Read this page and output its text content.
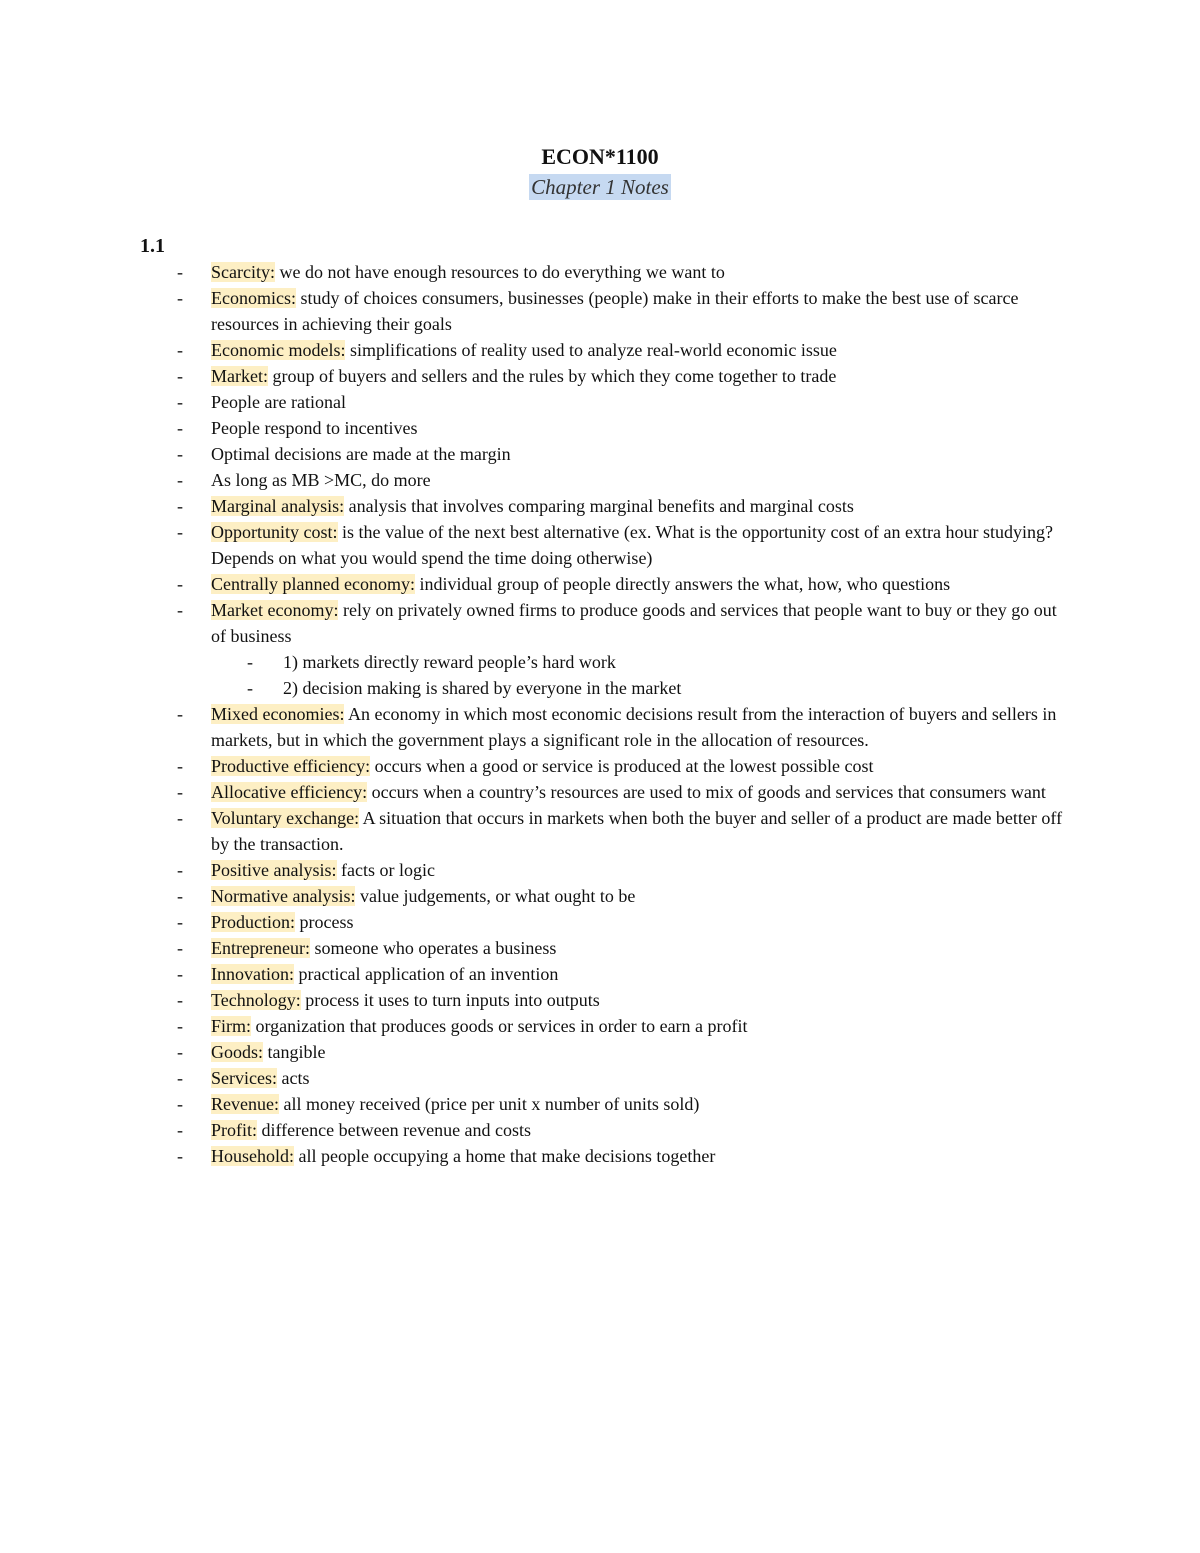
ECON*1100
Chapter 1 Notes
1.1
- Scarcity: we do not have enough resources to do everything we want to
- Economics: study of choices consumers, businesses (people) make in their efforts to make the best use of scarce resources in achieving their goals
- Economic models: simplifications of reality used to analyze real-world economic issue
- Market: group of buyers and sellers and the rules by which they come together to trade
- People are rational
- People respond to incentives
- Optimal decisions are made at the margin
- As long as MB >MC, do more
- Marginal analysis: analysis that involves comparing marginal benefits and marginal costs
- Opportunity cost: is the value of the next best alternative (ex. What is the opportunity cost of an extra hour studying? Depends on what you would spend the time doing otherwise)
- Centrally planned economy: individual group of people directly answers the what, how, who questions
- Market economy: rely on privately owned firms to produce goods and services that people want to buy or they go out of business
- 1) markets directly reward people’s hard work
- 2) decision making is shared by everyone in the market
- Mixed economies: An economy in which most economic decisions result from the interaction of buyers and sellers in markets, but in which the government plays a significant role in the allocation of resources.
- Productive efficiency: occurs when a good or service is produced at the lowest possible cost
- Allocative efficiency: occurs when a country’s resources are used to mix of goods and services that consumers want
- Voluntary exchange: A situation that occurs in markets when both the buyer and seller of a product are made better off by the transaction.
- Positive analysis: facts or logic
- Normative analysis: value judgements, or what ought to be
- Production: process
- Entrepreneur: someone who operates a business
- Innovation: practical application of an invention
- Technology: process it uses to turn inputs into outputs
- Firm: organization that produces goods or services in order to earn a profit
- Goods: tangible
- Services: acts
- Revenue: all money received (price per unit x number of units sold)
- Profit: difference between revenue and costs
- Household: all people occupying a home that make decisions together
